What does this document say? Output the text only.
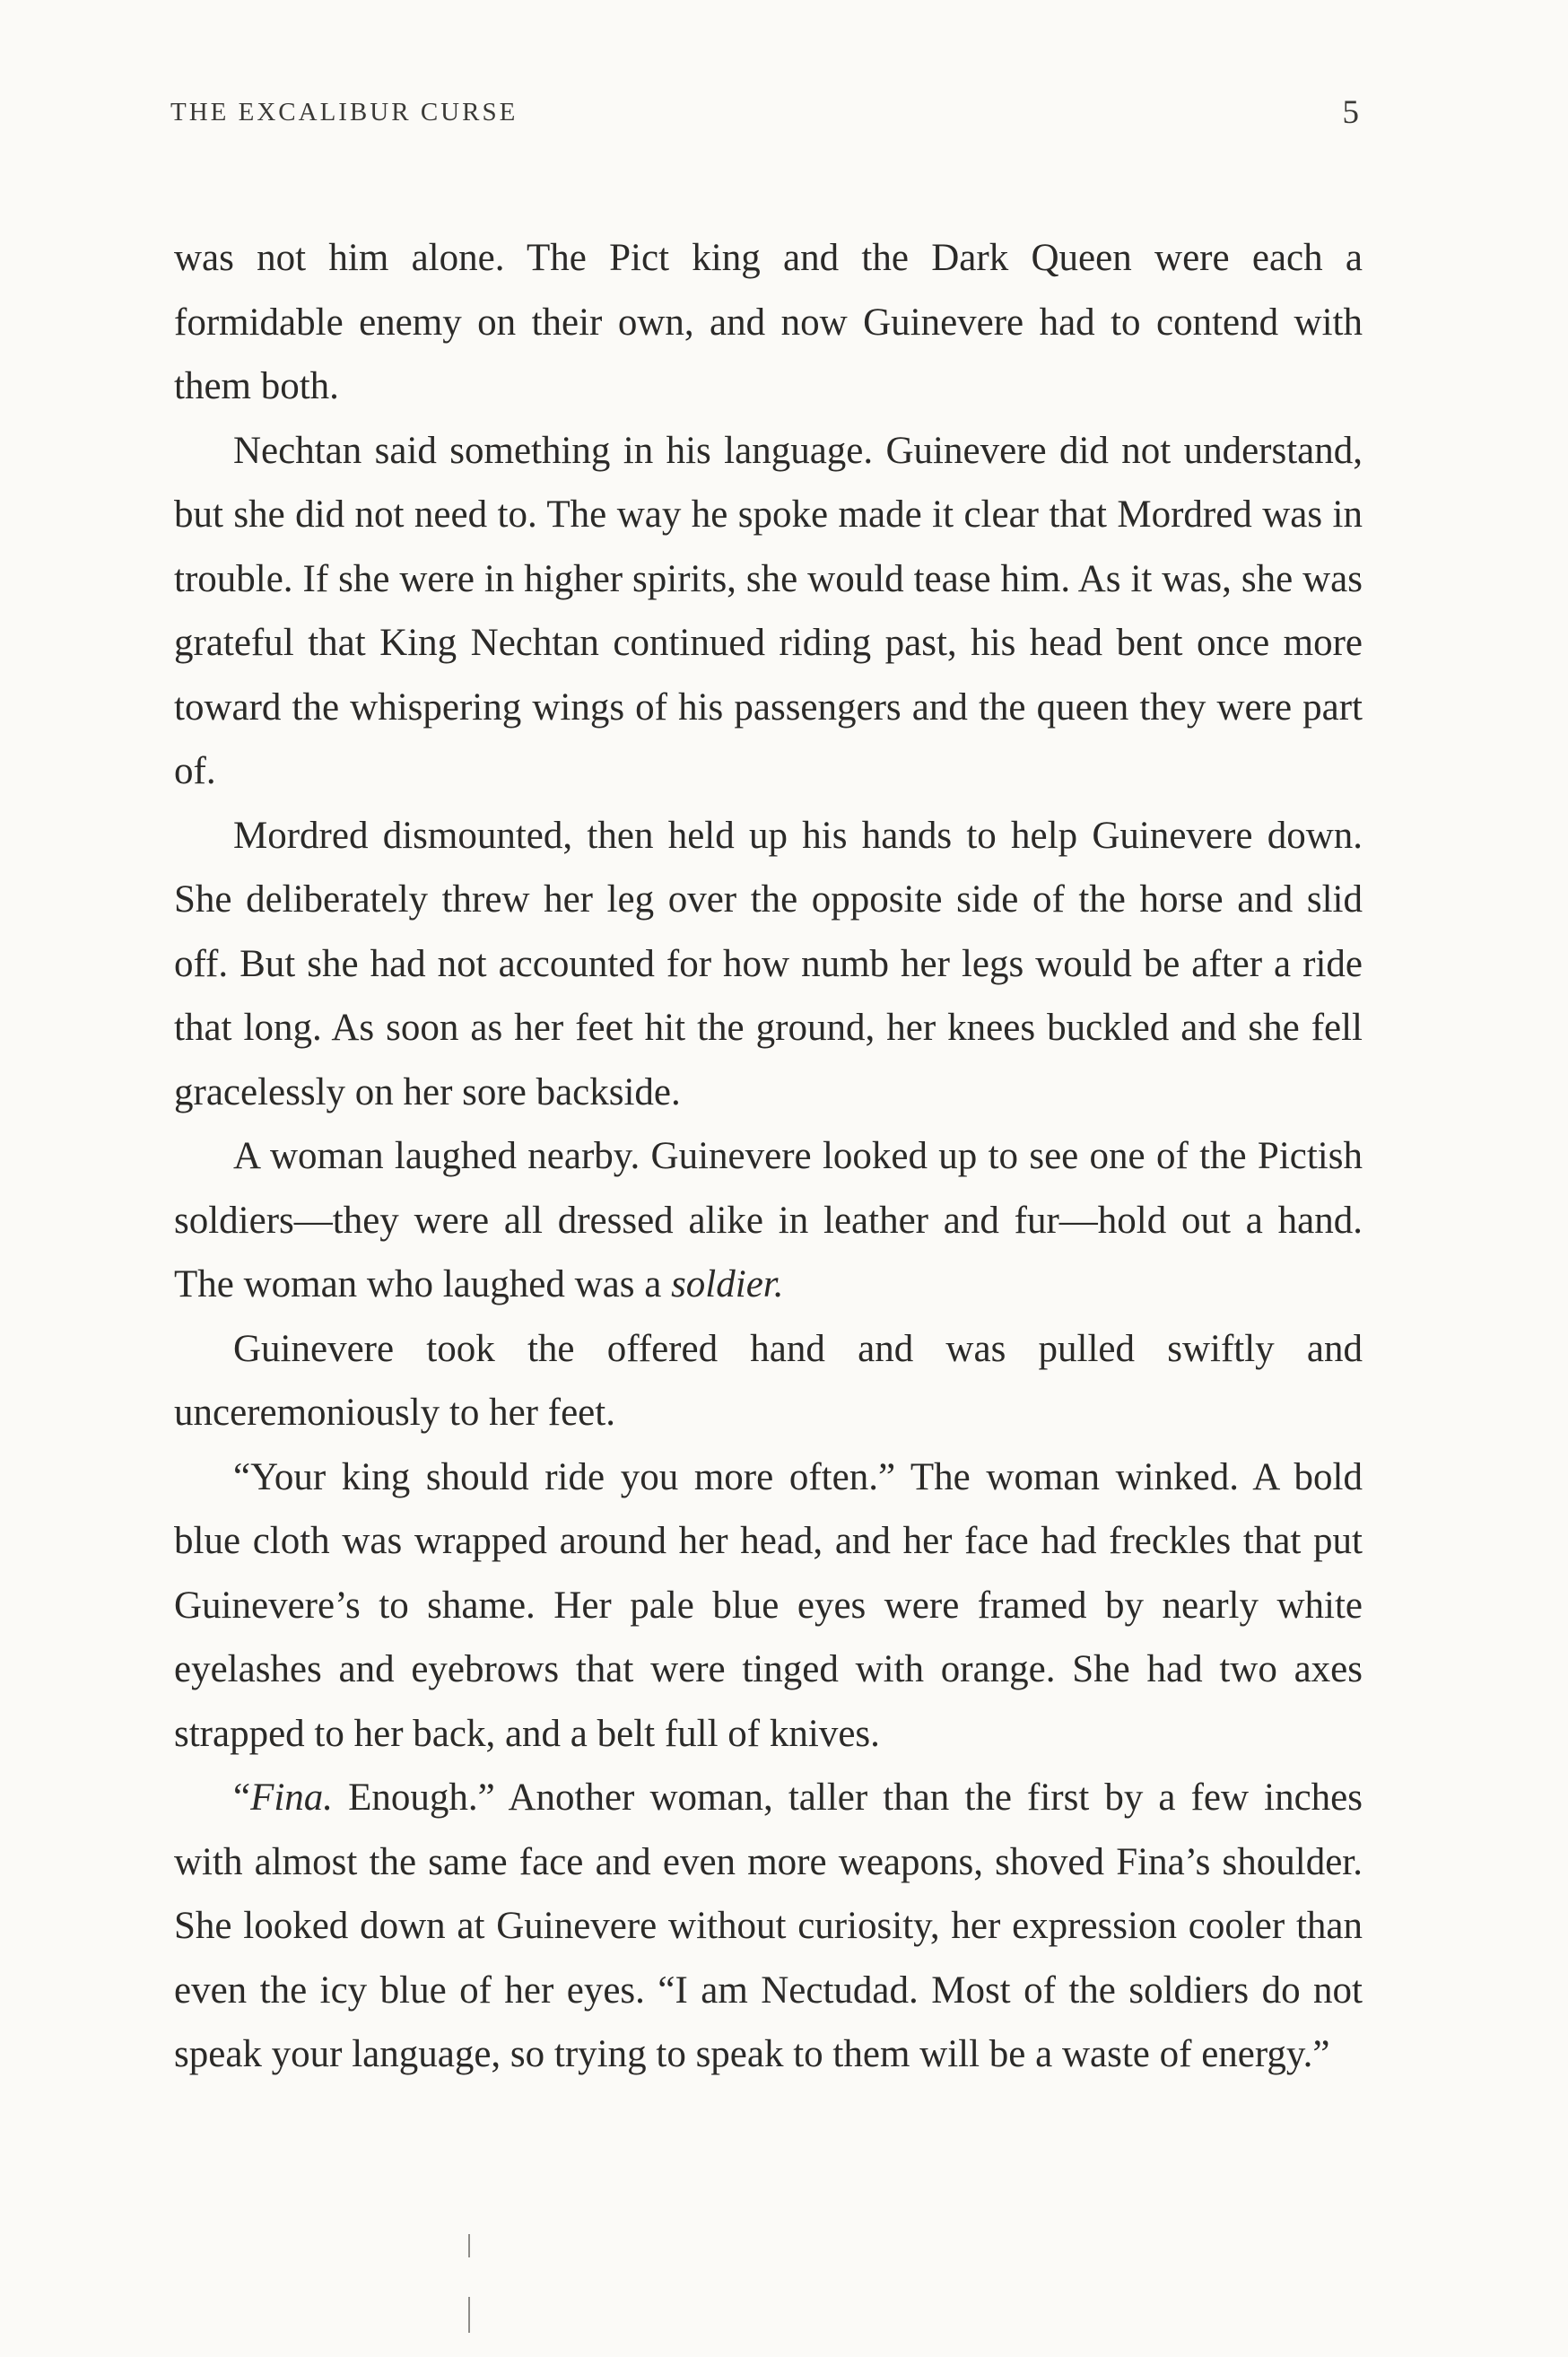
THE EXCALIBUR CURSE	5

was not him alone. The Pict king and the Dark Queen were each a formidable enemy on their own, and now Guinevere had to contend with them both.

Nechtan said something in his language. Guinevere did not understand, but she did not need to. The way he spoke made it clear that Mordred was in trouble. If she were in higher spirits, she would tease him. As it was, she was grateful that King Nechtan continued riding past, his head bent once more toward the whispering wings of his passengers and the queen they were part of.

Mordred dismounted, then held up his hands to help Guinevere down. She deliberately threw her leg over the opposite side of the horse and slid off. But she had not accounted for how numb her legs would be after a ride that long. As soon as her feet hit the ground, her knees buckled and she fell gracelessly on her sore backside.

A woman laughed nearby. Guinevere looked up to see one of the Pictish soldiers—they were all dressed alike in leather and fur—hold out a hand. The woman who laughed was a soldier.

Guinevere took the offered hand and was pulled swiftly and unceremoniously to her feet.

“Your king should ride you more often.” The woman winked. A bold blue cloth was wrapped around her head, and her face had freckles that put Guinevere’s to shame. Her pale blue eyes were framed by nearly white eyelashes and eyebrows that were tinged with orange. She had two axes strapped to her back, and a belt full of knives.

“Fina. Enough.” Another woman, taller than the first by a few inches with almost the same face and even more weapons, shoved Fina’s shoulder. She looked down at Guinevere without curiosity, her expression cooler than even the icy blue of her eyes. “I am Nectudad. Most of the soldiers do not speak your language, so trying to speak to them will be a waste of energy.”
